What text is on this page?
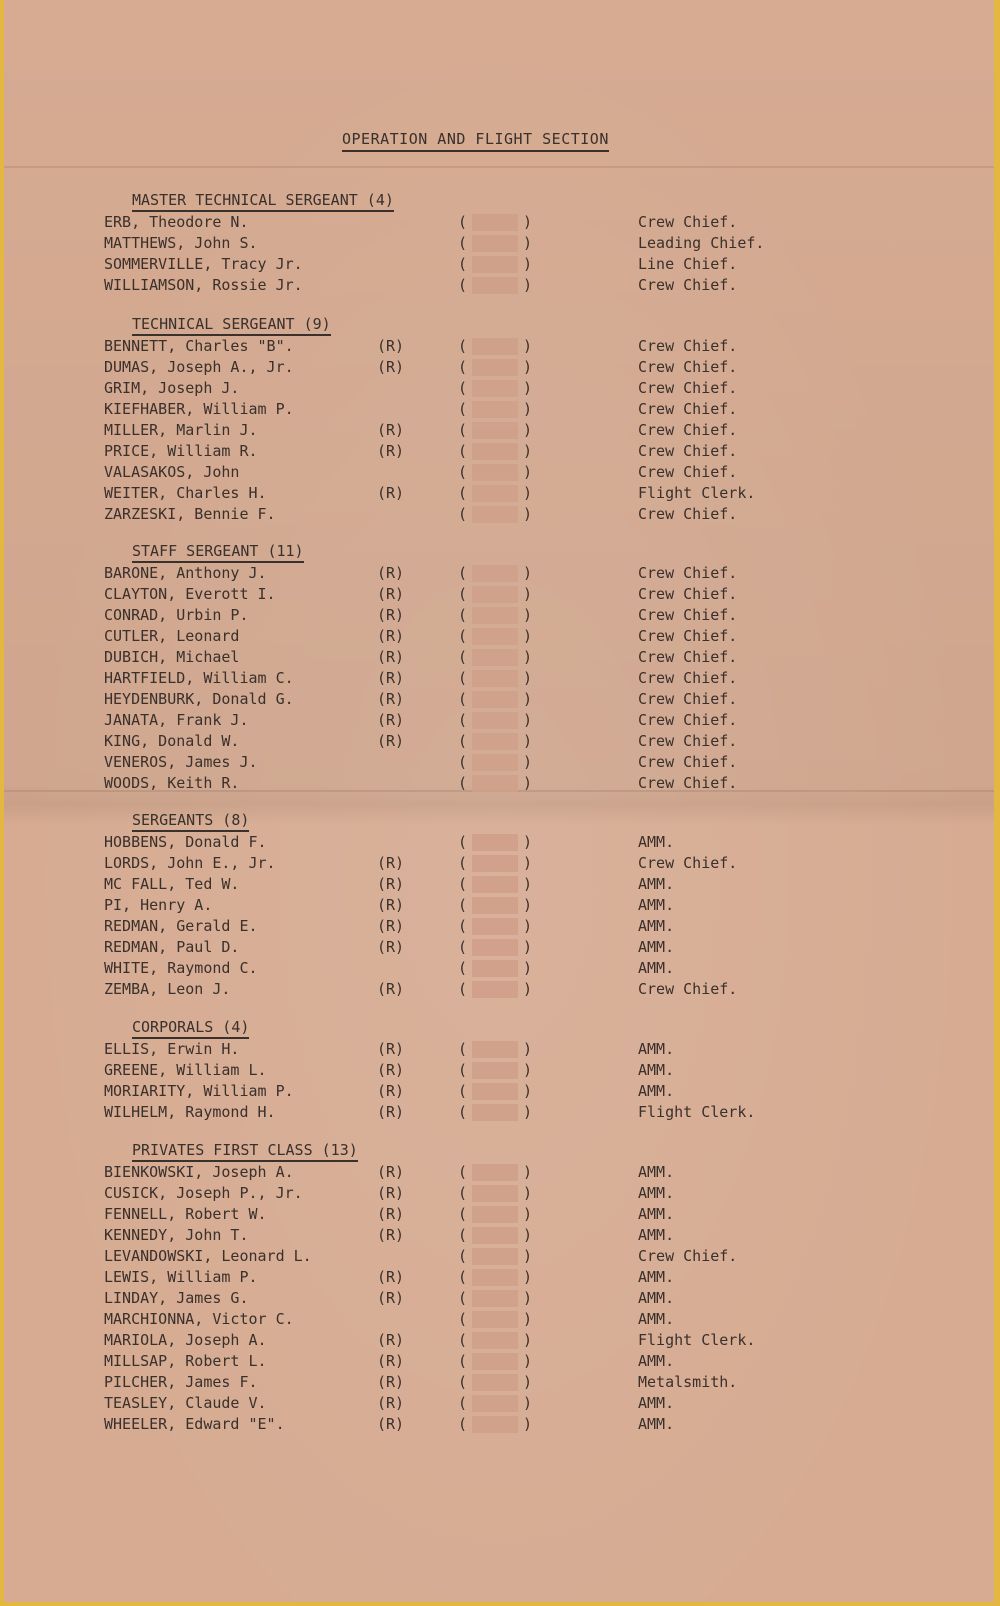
OPERATION AND FLIGHT SECTION
MASTER TECHNICAL SERGEANT (4)
ERB, Theodore N.	(	)	Crew Chief.
MATTHEWS, John S.	(	)	Leading Chief.
SOMMERVILLE, Tracy Jr.	(	)	Line Chief.
WILLIAMSON, Rossie Jr.	(	)	Crew Chief.
TECHNICAL SERGEANT (9)
BENNETT, Charles "B".	(R)	(	)	Crew Chief.
DUMAS, Joseph A., Jr.	(R)	(	)	Crew Chief.
GRIM, Joseph J.	(	)	Crew Chief.
KIEFHABER, William P.	(	)	Crew Chief.
MILLER, Marlin J.	(R)	(	)	Crew Chief.
PRICE, William R.	(R)	(	)	Crew Chief.
VALASAKOS, John	(	)	Crew Chief.
WEITER, Charles H.	(R)	(	)	Flight Clerk.
ZARZESKI, Bennie F.	(	)	Crew Chief.
STAFF SERGEANT (11)
BARONE, Anthony J.	(R)	(	)	Crew Chief.
CLAYTON, Everott I.	(R)	(	)	Crew Chief.
CONRAD, Urbin P.	(R)	(	)	Crew Chief.
CUTLER, Leonard	(R)	(	)	Crew Chief.
DUBICH, Michael	(R)	(	)	Crew Chief.
HARTFIELD, William C.	(R)	(	)	Crew Chief.
HEYDENBURK, Donald G.	(R)	(	)	Crew Chief.
JANATA, Frank J.	(R)	(	)	Crew Chief.
KING, Donald W.	(R)	(	)	Crew Chief.
VENEROS, James J.	(	)	Crew Chief.
WOODS, Keith R.	(	)	Crew Chief.
SERGEANTS (8)
HOBBENS, Donald F.	(	)	AMM.
LORDS, John E., Jr.	(R)	(	)	Crew Chief.
MC FALL, Ted W.	(R)	(	)	AMM.
PI, Henry A.	(R)	(	)	AMM.
REDMAN, Gerald E.	(R)	(	)	AMM.
REDMAN, Paul D.	(R)	(	)	AMM.
WHITE, Raymond C.	(	)	AMM.
ZEMBA, Leon J.	(R)	(	)	Crew Chief.
CORPORALS (4)
ELLIS, Erwin H.	(R)	(	)	AMM.
GREENE, William L.	(R)	(	)	AMM.
MORIARITY, William P.	(R)	(	)	AMM.
WILHELM, Raymond H.	(R)	(	)	Flight Clerk.
PRIVATES FIRST CLASS (13)
BIENKOWSKI, Joseph A.	(R)	(	)	AMM.
CUSICK, Joseph P., Jr.	(R)	(	)	AMM.
FENNELL, Robert W.	(R)	(	)	AMM.
KENNEDY, John T.	(R)	(	)	AMM.
LEVANDOWSKI, Leonard L.	(	)	Crew Chief.
LEWIS, William P.	(R)	(	)	AMM.
LINDAY, James G.	(R)	(	)	AMM.
MARCHIONNA, Victor C.	(	)	AMM.
MARIOLA, Joseph A.	(R)	(	)	Flight Clerk.
MILLSAP, Robert L.	(R)	(	)	AMM.
PILCHER, James F.	(R)	(	)	Metalsmith.
TEASLEY, Claude V.	(R)	(	)	AMM.
WHEELER, Edward "E".	(R)	(	)	AMM.
